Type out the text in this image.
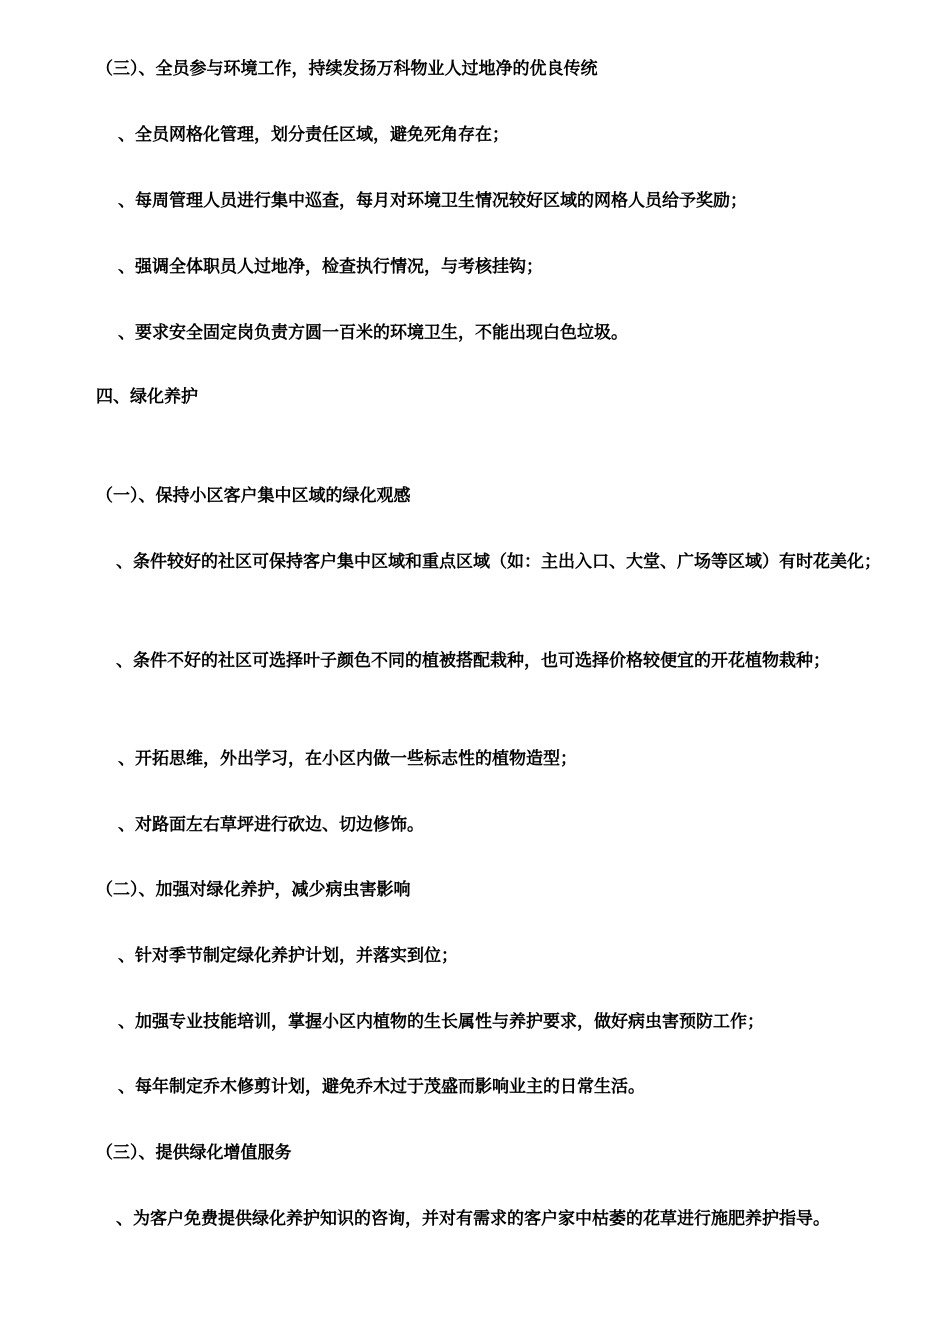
（三）、全员参与环境工作，持续发扬万科物业人过地净的优良传统
、全员网格化管理，划分责任区域，避免死角存在；
、每周管理人员进行集中巡查，每月对环境卫生情况较好区域的网格人员给予奖励；
、强调全体职员人过地净，检查执行情况，与考核挂钩；
、要求安全固定岗负责方圆一百米的环境卫生，不能出现白色垃圾。
四、绿化养护
（一）、保持小区客户集中区域的绿化观感
、条件较好的社区可保持客户集中区域和重点区域（如：主出入口、大堂、广场等区域）有时花美化；
、条件不好的社区可选择叶子颜色不同的植被搭配栽种，也可选择价格较便宜的开花植物栽种；
、开拓思维，外出学习，在小区内做一些标志性的植物造型；
、对路面左右草坪进行砍边、切边修饰。
（二）、加强对绿化养护，减少病虫害影响
、针对季节制定绿化养护计划，并落实到位；
、加强专业技能培训，掌握小区内植物的生长属性与养护要求，做好病虫害预防工作；
、每年制定乔木修剪计划，避免乔木过于茂盛而影响业主的日常生活。
（三）、提供绿化增值服务
、为客户免费提供绿化养护知识的咨询，并对有需求的客户家中枯萎的花草进行施肥养护指导。
